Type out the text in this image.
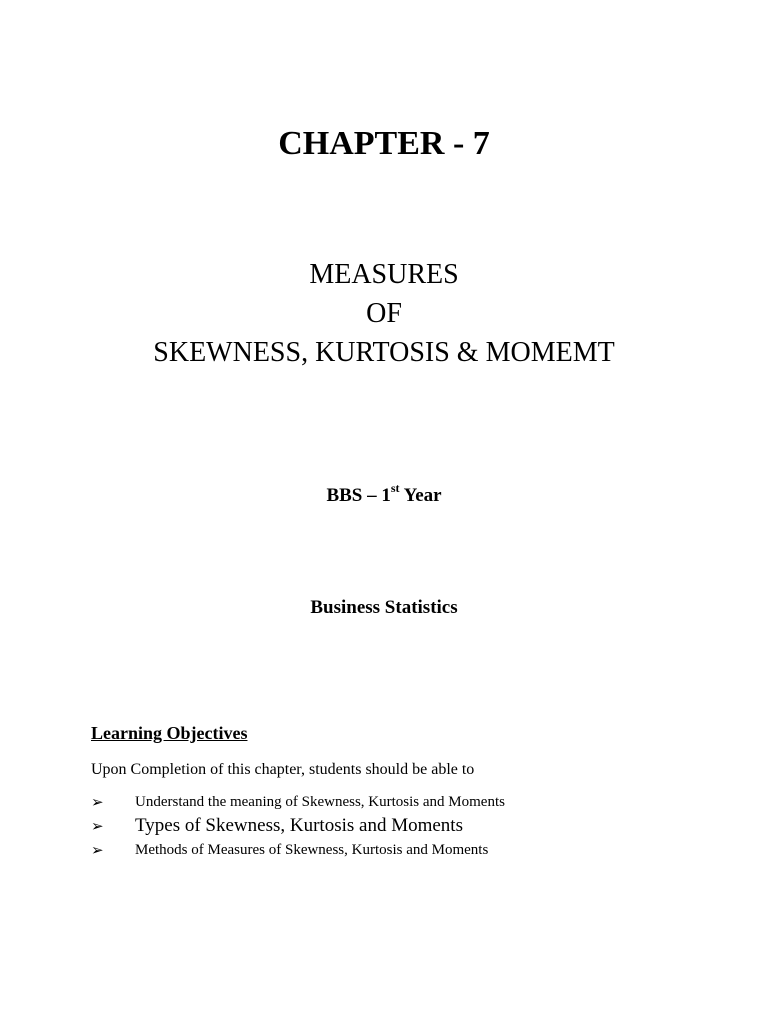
CHAPTER - 7
MEASURES
OF
SKEWNESS, KURTOSIS & MOMEMT

BBS – 1st Year

Business Statistics

Learning Objectives

Upon Completion of this chapter, students should be able to

➢	Understand the meaning of Skewness, Kurtosis and Moments
➢	Types of Skewness, Kurtosis and Moments
➢	Methods of Measures of Skewness, Kurtosis and Moments
